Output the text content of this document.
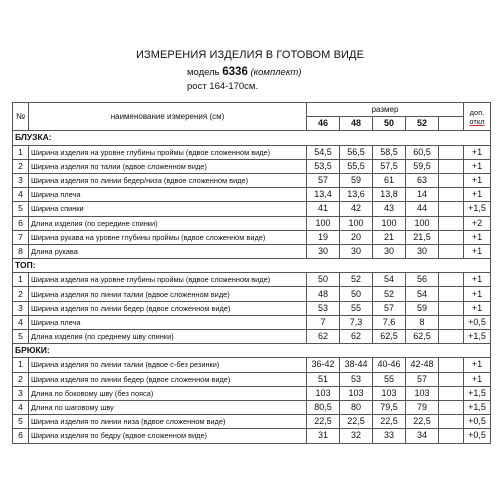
ИЗМЕРЕНИЯ ИЗДЕЛИЯ В ГОТОВОМ ВИДЕ
модель 6336 (комплект)
рост 164-170см.
№	наименование измерения (см)	размер					доп.
откл

		46	48	50	52		
БЛУЗКА:							
1	Ширина изделия на уровне глубины проймы (вдвое сложенном виде)	54,5	56,5	58,5	60,5		+1
2	Ширина изделия по талии (вдвое сложенном виде)	53,5	55,5	57,5	59,5		+1
3	Ширина изделия по линии бедер/низа (вдвое сложенном виде)	57	59	61	63		+1
4	Ширина плеча	13,4	13,6	13,8	14		+1
5	Ширина спинки	41	42	43	44		+1,5
6	Длина изделия (по середине спинки)	100	100	100	100		+2
7	Ширина рукава на уровне глубины проймы (вдвое сложенном виде)	19	20	21	21,5		+1
8	Длина рукава	30	30	30	30		+1
ТОП:							
1	Ширина изделия на уровне глубины проймы (вдвое сложенном виде)	50	52	54	56		+1
2	Ширина изделия по линии талии (вдвое сложенном виде)	48	50	52	54		+1
3	Ширина изделия по линии бедер (вдвое сложенном виде)	53	55	57	59		+1
4	Ширина плеча	7	7,3	7,6	8		+0,5
5	Длина изделия (по среднему шву спинки)	62	62	62,5	62,5		+1,5
БРЮКИ:							
1	Ширина изделия по линии талии (вдвое с-без резинки)	36-42	38-44	40-46	42-48		+1
2	Ширина изделия по линии бедер (вдвое сложенном виде)	51	53	55	57		+1
3	Длина по боковому шву (без пояса)	103	103	103	103		+1,5
4	Длина по шаговому шву	80,5	80	79,5	79		+1,5
5	Ширина изделия по линии низа (вдвое сложенном виде)	22,5	22,5	22,5	22,5		+0,5
6	Ширина изделия по бедру (вдвое сложенном виде)	31	32	33	34		+0,5
